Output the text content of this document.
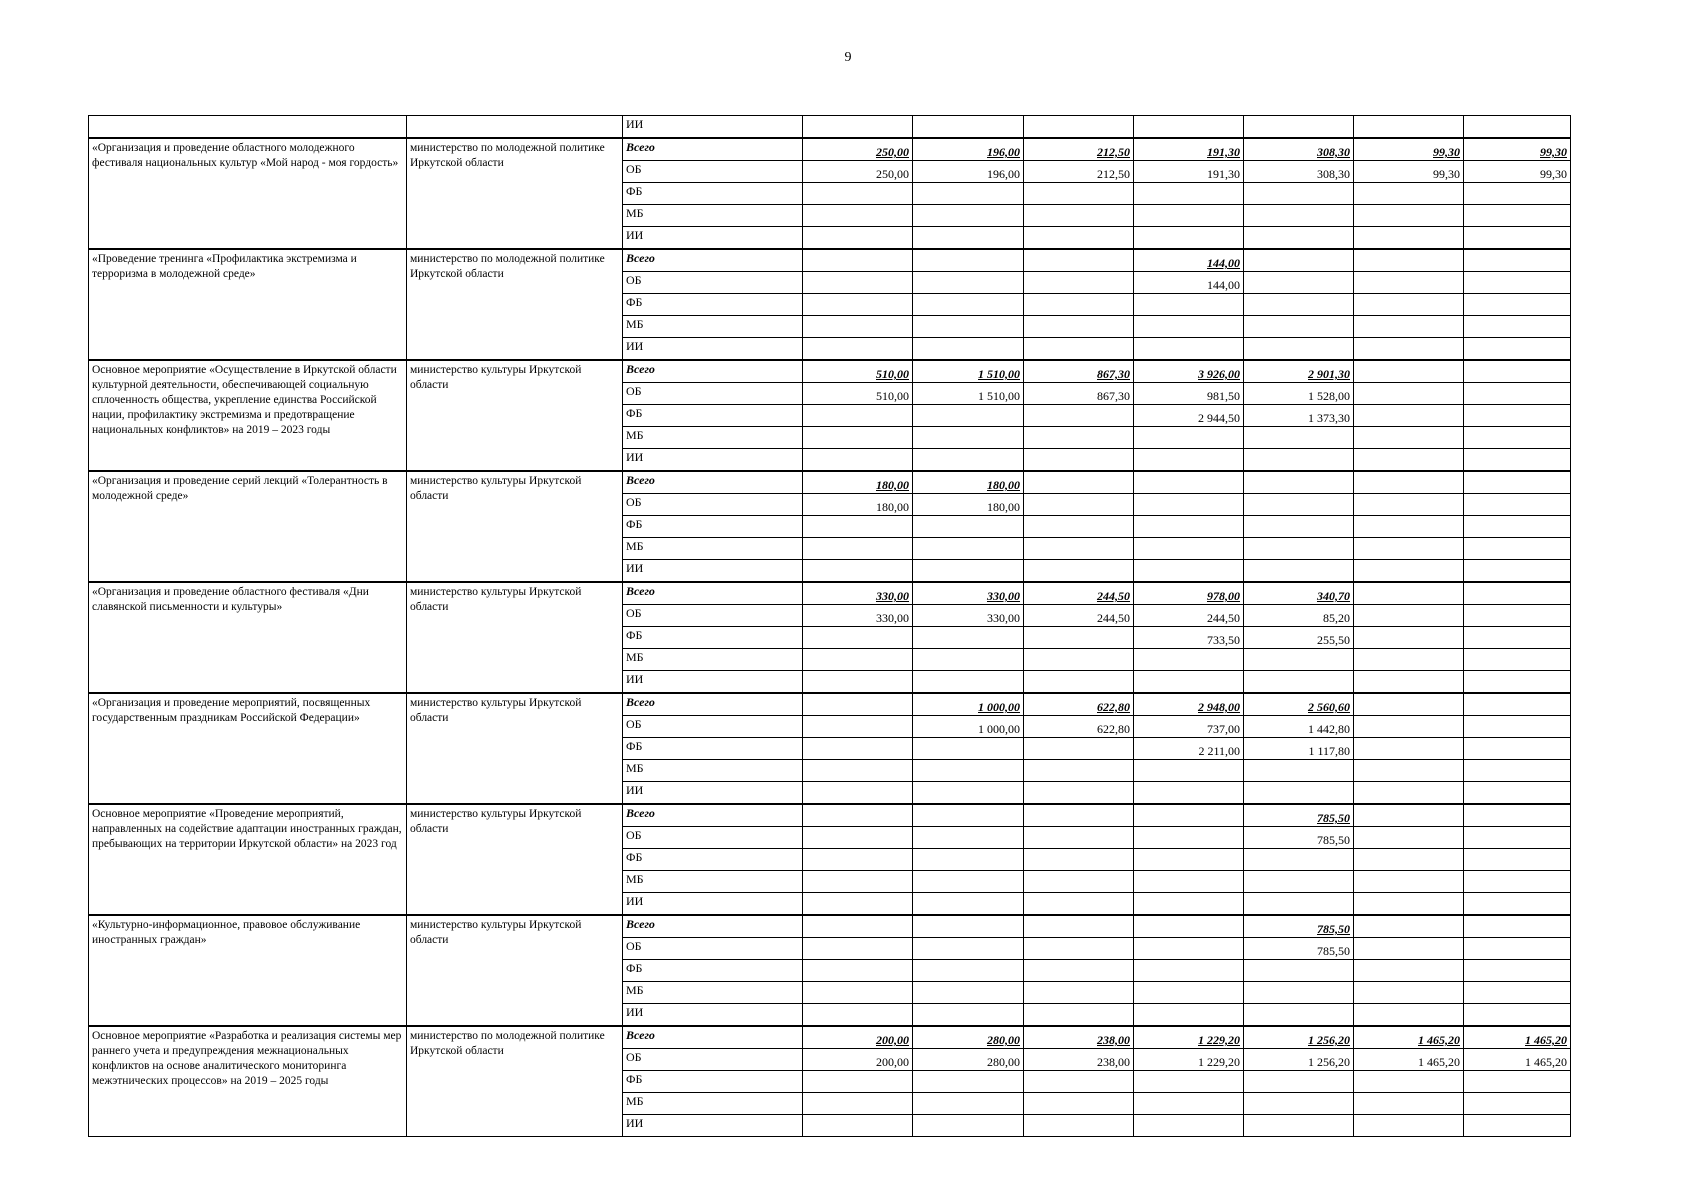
9
		ИИ							
«Организация и проведение областного молодежного фестиваля национальных культур «Мой народ - моя гордость»	министерство по молодежной политике Иркутской области	Всего	250,00	196,00	212,50	191,30	308,30	99,30	99,30
		ОБ	250,00	196,00	212,50	191,30	308,30	99,30	99,30
		ФБ							
		МБ							
		ИИ							
«Проведение тренинга «Профилактика экстремизма и терроризма в молодежной среде»	министерство по молодежной политике Иркутской области	Всего				144,00			
		ОБ				144,00			
		ФБ							
		МБ							
		ИИ							
Основное мероприятие «Осуществление в Иркутской области культурной деятельности, обеспечивающей социальную сплоченность общества, укрепление единства Российской нации, профилактику экстремизма и предотвращение национальных конфликтов» на 2019 – 2023 годы	министерство культуры Иркутской области	Всего	510,00	1 510,00	867,30	3 926,00	2 901,30		
		ОБ	510,00	1 510,00	867,30	981,50	1 528,00		
		ФБ				2 944,50	1 373,30		
		МБ							
		ИИ							
«Организация и проведение серий лекций «Толерантность в молодежной среде»	министерство культуры Иркутской области	Всего	180,00	180,00					
		ОБ	180,00	180,00					
		ФБ							
		МБ							
		ИИ							
«Организация и проведение областного фестиваля «Дни славянской письменности и культуры»	министерство культуры Иркутской области	Всего	330,00	330,00	244,50	978,00	340,70		
		ОБ	330,00	330,00	244,50	244,50	85,20		
		ФБ				733,50	255,50		
		МБ							
		ИИ							
«Организация и проведение мероприятий, посвященных государственным праздникам Российской Федерации»	министерство культуры Иркутской области	Всего		1 000,00	622,80	2 948,00	2 560,60		
		ОБ		1 000,00	622,80	737,00	1 442,80		
		ФБ				2 211,00	1 117,80		
		МБ							
		ИИ							
Основное мероприятие «Проведение мероприятий, направленных на содействие адаптации иностранных граждан, пребывающих на территории Иркутской области» на 2023 год	министерство культуры Иркутской области	Всего					785,50		
		ОБ					785,50		
		ФБ							
		МБ							
		ИИ							
«Культурно-информационное, правовое обслуживание иностранных граждан»	министерство культуры Иркутской области	Всего					785,50		
		ОБ					785,50		
		ФБ							
		МБ							
		ИИ							
Основное мероприятие «Разработка и реализация системы мер раннего учета и предупреждения межнациональных конфликтов на основе аналитического мониторинга межэтнических процессов» на 2019 – 2025 годы	министерство по молодежной политике Иркутской области	Всего	200,00	280,00	238,00	1 229,20	1 256,20	1 465,20	1 465,20
		ОБ	200,00	280,00	238,00	1 229,20	1 256,20	1 465,20	1 465,20
		ФБ							
		МБ							
		ИИ							
